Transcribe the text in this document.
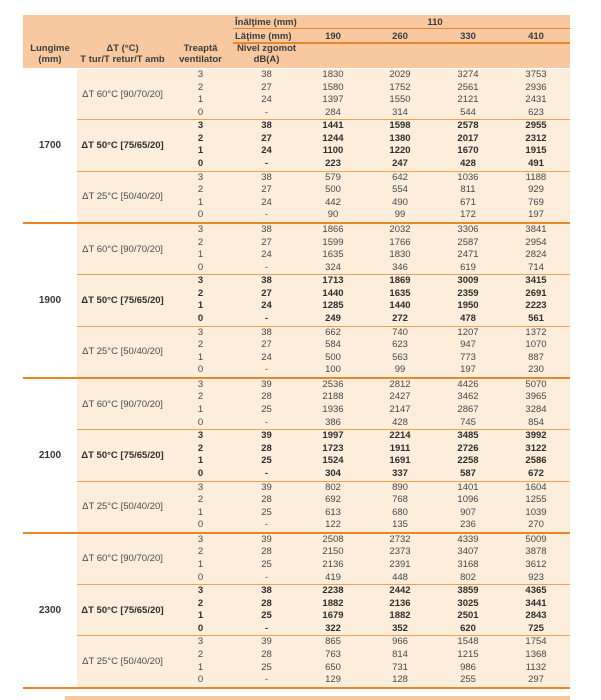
Lungime
(mm)
ΔT (°C)
T tur/T retur/T amb
Treaptă
ventilator
Nivel zgomot
dB(A)
Înălţime (mm)	110
Lăţime (mm)	190	260	330	410
1700
ΔT 60°C [90/70/20]
3	38	1830	2029	3274	3753
2	27	1580	1752	2561	2936
1	24	1397	1550	2121	2431
0	-	284	314	544	623
ΔT 50°C [75/65/20]
3	38	1441	1598	2578	2955
2	27	1244	1380	2017	2312
1	24	1100	1220	1670	1915
0	-	223	247	428	491
ΔT 25°C [50/40/20]
3	38	579	642	1036	1188
2	27	500	554	811	929
1	24	442	490	671	769
0	-	90	99	172	197
1900
ΔT 60°C [90/70/20]
3	38	1866	2032	3306	3841
2	27	1599	1766	2587	2954
1	24	1635	1830	2471	2824
0	-	324	346	619	714
ΔT 50°C [75/65/20]
3	38	1713	1869	3009	3415
2	27	1440	1635	2359	2691
1	24	1285	1440	1950	2223
0	-	249	272	478	561
ΔT 25°C [50/40/20]
3	38	662	740	1207	1372
2	27	584	623	947	1070
1	24	500	563	773	887
0	-	100	99	197	230
2100
ΔT 60°C [90/70/20]
3	39	2536	2812	4426	5070
2	28	2188	2427	3462	3965
1	25	1936	2147	2867	3284
0	-	386	428	745	854
ΔT 50°C [75/65/20]
3	39	1997	2214	3485	3992
2	28	1723	1911	2726	3122
1	25	1524	1691	2258	2586
0	-	304	337	587	672
ΔT 25°C [50/40/20]
3	39	802	890	1401	1604
2	28	692	768	1096	1255
1	25	613	680	907	1039
0	-	122	135	236	270
2300
ΔT 60°C [90/70/20]
3	39	2508	2732	4339	5009
2	28	2150	2373	3407	3878
1	25	2136	2391	3168	3612
0	-	419	448	802	923
ΔT 50°C [75/65/20]
3	38	2238	2442	3859	4365
2	28	1882	2136	3025	3441
1	25	1679	1882	2501	2843
0	-	322	352	620	725
ΔT 25°C [50/40/20]
3	39	865	966	1548	1754
2	28	763	814	1215	1368
1	25	650	731	986	1132
0	-	129	128	255	297
